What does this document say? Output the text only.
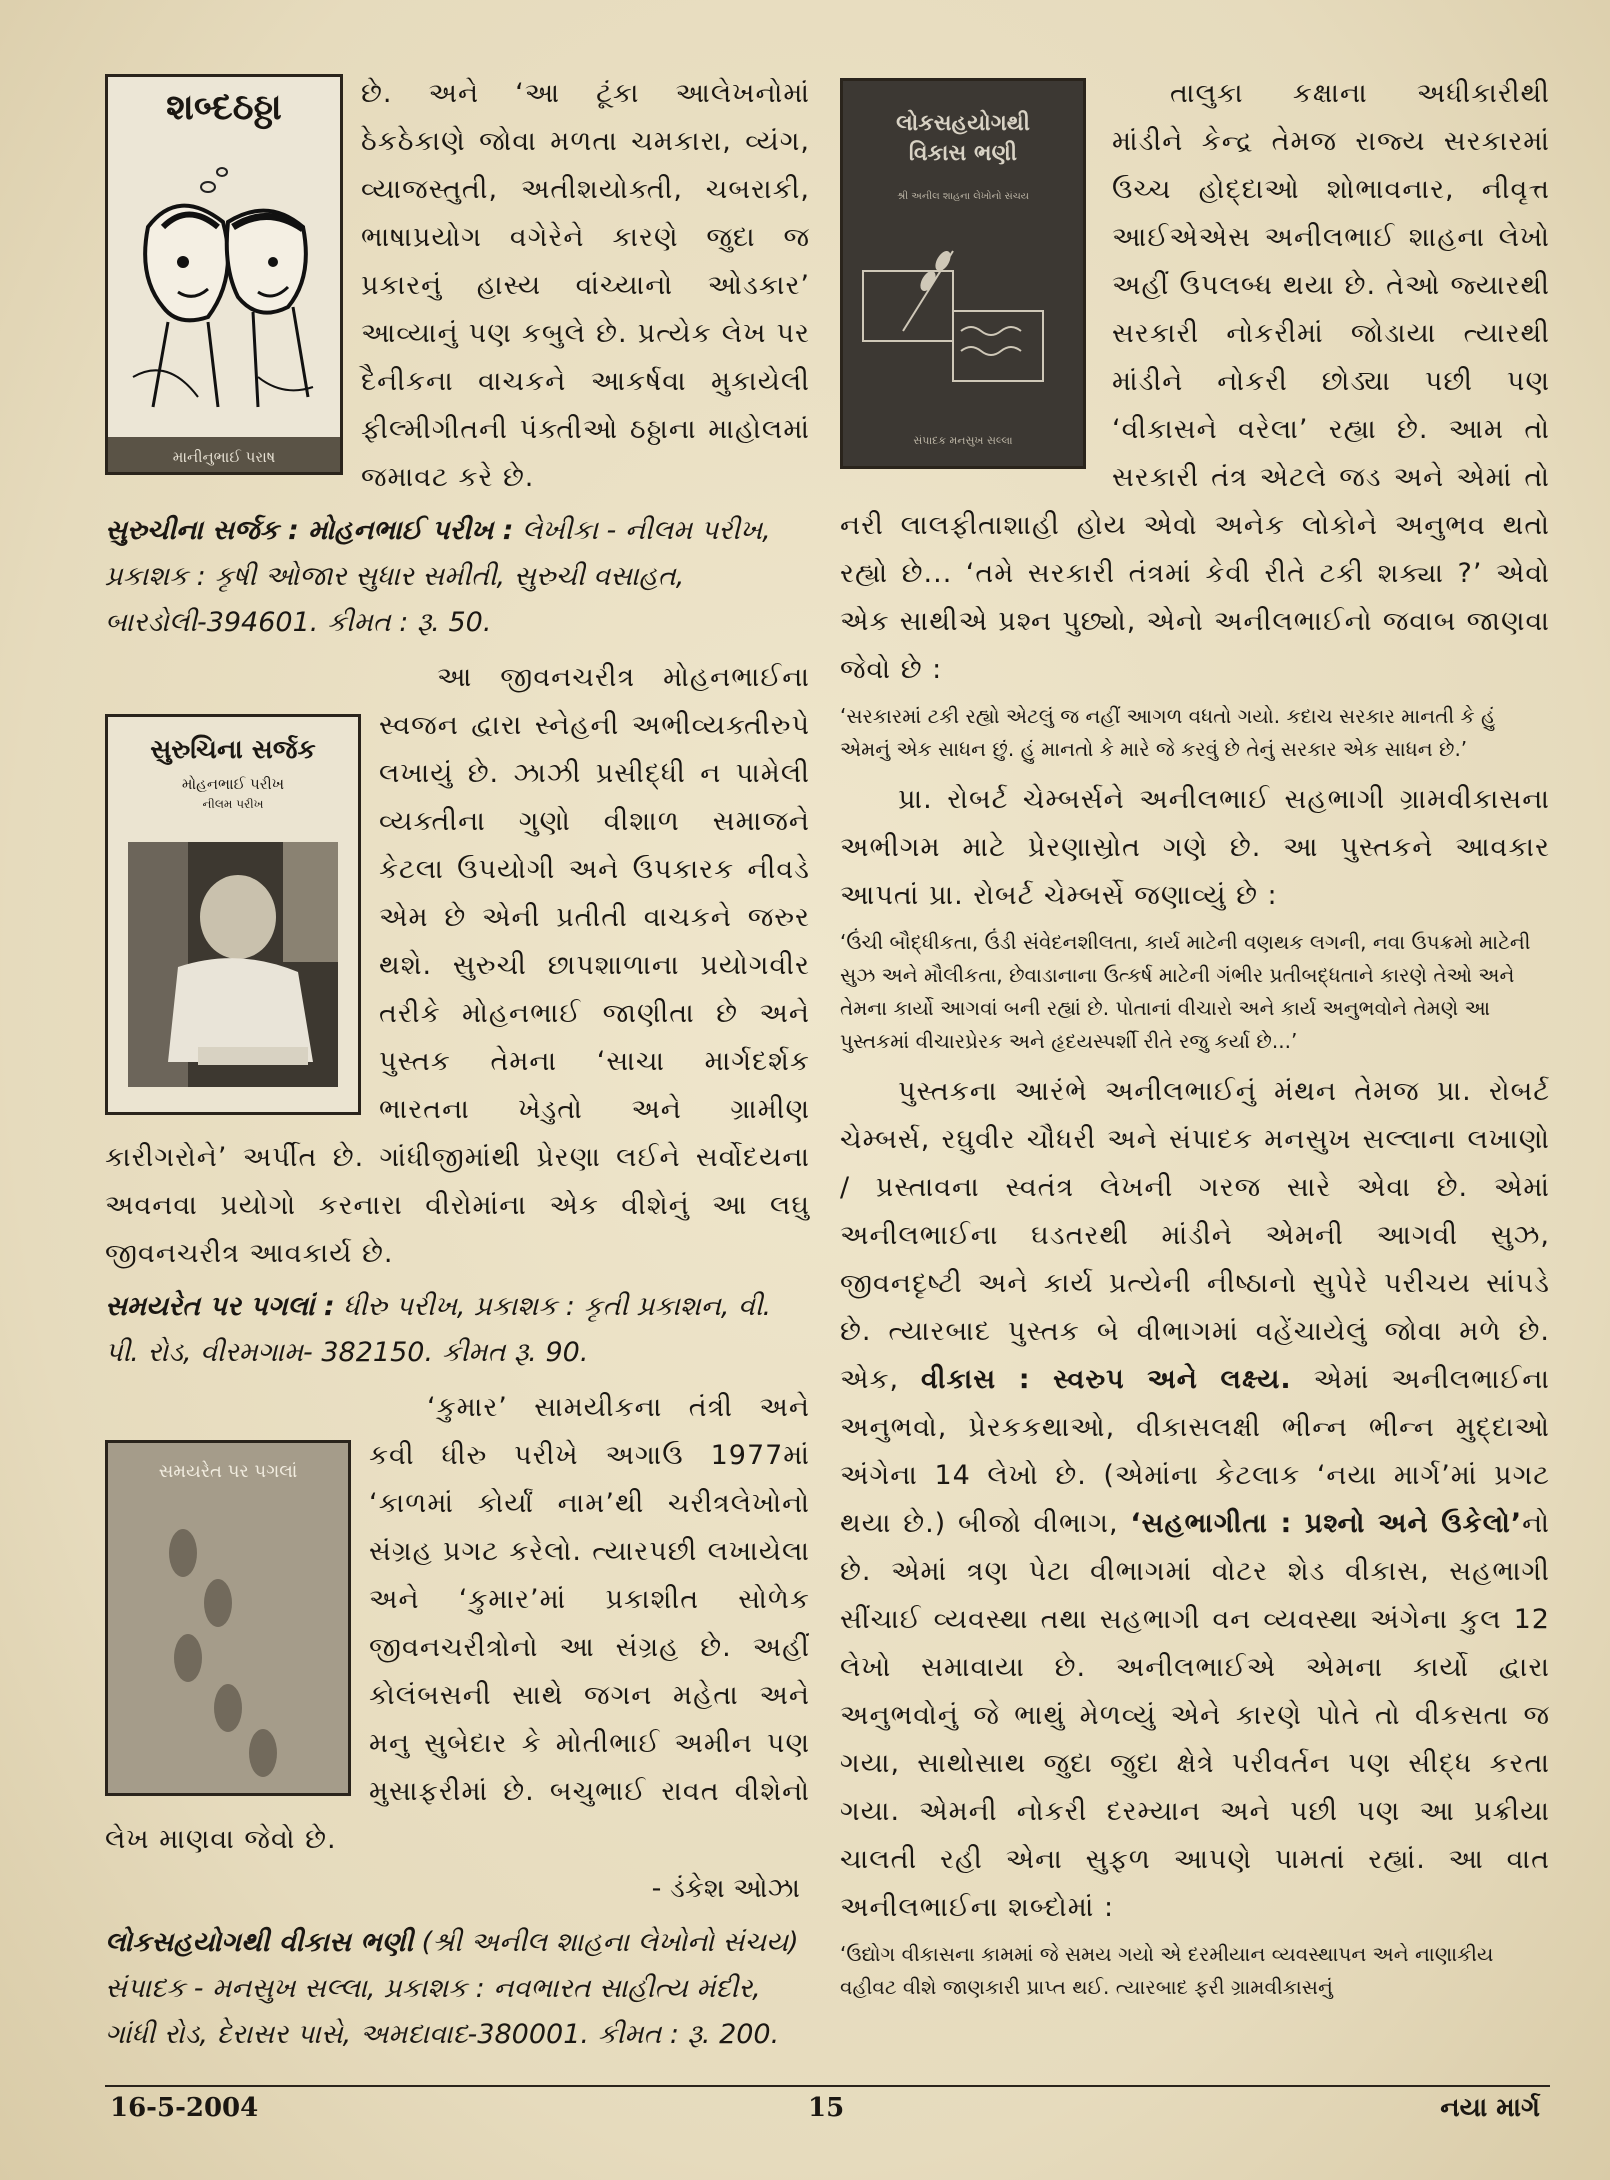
શબ્દઠઠ્ઠા
માનીનુભાઈ પરાષ

છે. અને ‘આ ટૂંકા આલેખનોમાં ઠેકઠેકાણે જોવા મળતા ચમકારા, વ્યંગ, વ્યાજસ્તુતી, અતીશયોક્તી, ચબરાકી, ભાષાપ્રયોગ વગેરેને કારણે જુદા જ પ્રકારનું હાસ્ય વાંચ્યાનો ઓડકાર’ આવ્યાનું પણ કબુલે છે. પ્રત્યેક લેખ પર દૈનીકના વાચકને આકર્ષવા મુકાયેલી ફીલ્મીગીતની પંક્તીઓ ઠઠ્ઠાના માહોલમાં જમાવટ કરે છે.

સુરુચીના સર્જક : મોહનભાઈ પરીખ : લેખીકા - નીલમ પરીખ, પ્રકાશક : કૃષી ઓજાર સુધાર સમીતી, સુરુચી વસાહત, બારડોલી-394601. કીમત : રૂ. 50.

સુરુચિના સર્જક
મોહનભાઈ પરીખ
નીલમ પરીખ

આ જીવનચરીત્ર મોહનભાઈના સ્વજન દ્વારા સ્નેહની અભીવ્યક્તીરુપે લખાયું છે. ઝાઝી પ્રસીદ્ધી ન પામેલી વ્યક્તીના ગુણો વીશાળ સમાજને કેટલા ઉપયોગી અને ઉપકારક નીવડે એમ છે એની પ્રતીતી વાચકને જરુર થશે. સુરુચી છાપશાળાના પ્રયોગવીર તરીકે મોહનભાઈ જાણીતા છે અને પુસ્તક તેમના ‘સાચા માર્ગદર્શક ભારતના ખેડુતો અને ગ્રામીણ કારીગરોને’ અર્પીત છે. ગાંધીજીમાંથી પ્રેરણા લઈને સર્વોદયના અવનવા પ્રયોગો કરનારા વીરોમાંના એક વીશેનું આ લઘુ જીવનચરીત્ર આવકાર્ય છે.

સમયરેત પર પગલાં : ધીરુ પરીખ, પ્રકાશક : કૃતી પ્રકાશન, વી. પી. રોડ, વીરમગામ- 382150. કીમત રૂ. 90.

સમયરેત પર પગલાં

‘કુમાર’ સામયીકના તંત્રી અને કવી ધીરુ પરીખે અગાઉ 1977માં ‘કાળમાં કોર્યાં નામ’થી ચરીત્રલેખોનો સંગ્રહ પ્રગટ કરેલો. ત્યારપછી લખાયેલા અને ‘કુમાર’માં પ્રકાશીત સોળેક જીવનચરીત્રોનો આ સંગ્રહ છે. અહીં કોલંબસની સાથે જગન મહેતા અને મનુ સુબેદાર કે મોતીભાઈ અમીન પણ મુસાફરીમાં છે. બચુભાઈ રાવત વીશેનો લેખ માણવા જેવો છે.

- ડંકેશ ઓઝા

લોકસહયોગથી વીકાસ ભણી (શ્રી અનીલ શાહના લેખોનો સંચય) સંપાદક - મનસુખ સલ્લા, પ્રકાશક : નવભારત સાહીત્ય મંદીર, ગાંધી રોડ, દેરાસર પાસે, અમદાવાદ-380001. કીમત : રૂ. 200.

લોકસહયોગથી
વિકાસ ભણી
શ્રી અનીલ શાહના લેખોનો સંચય
સંપાદક મનસુખ સલ્લા

તાલુકા કક્ષાના અધીકારીથી માંડીને કેન્દ્ર તેમજ રાજ્ય સરકારમાં ઉચ્ચ હોદ્દાઓ શોભાવનાર, નીવૃત્ત આઈએએસ અનીલભાઈ શાહના લેખો અહીં ઉપલબ્ધ થયા છે. તેઓ જ્યારથી સરકારી નોકરીમાં જોડાયા ત્યારથી માંડીને નોકરી છોડ્યા પછી પણ ‘વીકાસને વરેલા’ રહ્યા છે. આમ તો સરકારી તંત્ર એટલે જડ અને એમાં તો નરી લાલફીતાશાહી હોય એવો અનેક લોકોને અનુભવ થતો રહ્યો છે... ‘તમે સરકારી તંત્રમાં કેવી રીતે ટકી શક્યા ?’ એવો એક સાથીએ પ્રશ્ન પુછ્યો, એનો અનીલભાઈનો જવાબ જાણવા જેવો છે :

‘સરકારમાં ટકી રહ્યો એટલું જ નહીં આગળ વધતો ગયો. કદાચ સરકાર માનતી કે હું એમનું એક સાધન છું. હું માનતો કે મારે જે કરવું છે તેનું સરકાર એક સાધન છે.’

પ્રા. રોબર્ટ ચેમ્બર્સને અનીલભાઈ સહભાગી ગ્રામવીકાસના અભીગમ માટે પ્રેરણાસ્રોત ગણે છે. આ પુસ્તકને આવકાર આપતાં પ્રા. રોબર્ટ ચેમ્બર્સે જણાવ્યું છે :

‘ઉંચી બૌદ્ધીકતા, ઉંડી સંવેદનશીલતા, કાર્ય માટેની વણથક લગની, નવા ઉપક્રમો માટેની સુઝ અને મૌલીકતા, છેવાડાનાના ઉત્કર્ષ માટેની ગંભીર પ્રતીબદ્ધતાને કારણે તેઓ અને તેમના કાર્યો આગવાં બની રહ્યાં છે. પોતાનાં વીચારો અને કાર્ય અનુભવોને તેમણે આ પુસ્તકમાં વીચારપ્રેરક અને હૃદયસ્પર્શી રીતે રજુ કર્યા છે...’

પુસ્તકના આરંભે અનીલભાઈનું મંથન તેમજ પ્રા. રોબર્ટ ચેમ્બર્સ, રઘુવીર ચૌધરી અને સંપાદક મનસુખ સલ્લાના લખાણો / પ્રસ્તાવના સ્વતંત્ર લેખની ગરજ સારે એવા છે. એમાં અનીલભાઈના ઘડતરથી માંડીને એમની આગવી સુઝ, જીવનદૃષ્ટી અને કાર્ય પ્રત્યેની નીષ્ઠાનો સુપેરે પરીચય સાંપડે છે. ત્યારબાદ પુસ્તક બે વીભાગમાં વહેંચાયેલું જોવા મળે છે. એક, વીકાસ : સ્વરુપ અને લક્ષ્ય. એમાં અનીલભાઈના અનુભવો, પ્રેરકકથાઓ, વીકાસલક્ષી ભીન્ન ભીન્ન મુદ્દાઓ અંગેના 14 લેખો છે. (એમાંના કેટલાક ‘નયા માર્ગ’માં પ્રગટ થયા છે.) બીજો વીભાગ, ‘સહભાગીતા : પ્રશ્નો અને ઉકેલો’નો છે. એમાં ત્રણ પેટા વીભાગમાં વોટર શેડ વીકાસ, સહભાગી સીંચાઈ વ્યવસ્થા તથા સહભાગી વન વ્યવસ્થા અંગેના કુલ 12 લેખો સમાવાયા છે. અનીલભાઈએ એમના કાર્યો દ્વારા અનુભવોનું જે ભાથું મેળવ્યું એને કારણે પોતે તો વીકસતા જ ગયા, સાથોસાથ જુદા જુદા ક્ષેત્રે પરીવર્તન પણ સીદ્ધ કરતા ગયા. એમની નોકરી દરમ્યાન અને પછી પણ આ પ્રક્રીયા ચાલતી રહી એના સુફળ આપણે પામતાં રહ્યાં. આ વાત અનીલભાઈના શબ્દોમાં :

‘ઉદ્યોગ વીકાસના કામમાં જે સમય ગયો એ દરમીયાન વ્યવસ્થાપન અને નાણાકીય વહીવટ વીશે જાણકારી પ્રાપ્ત થઈ. ત્યારબાદ ફરી ગ્રામવીકાસનું

16-5-2004	15	નયા માર્ગ
